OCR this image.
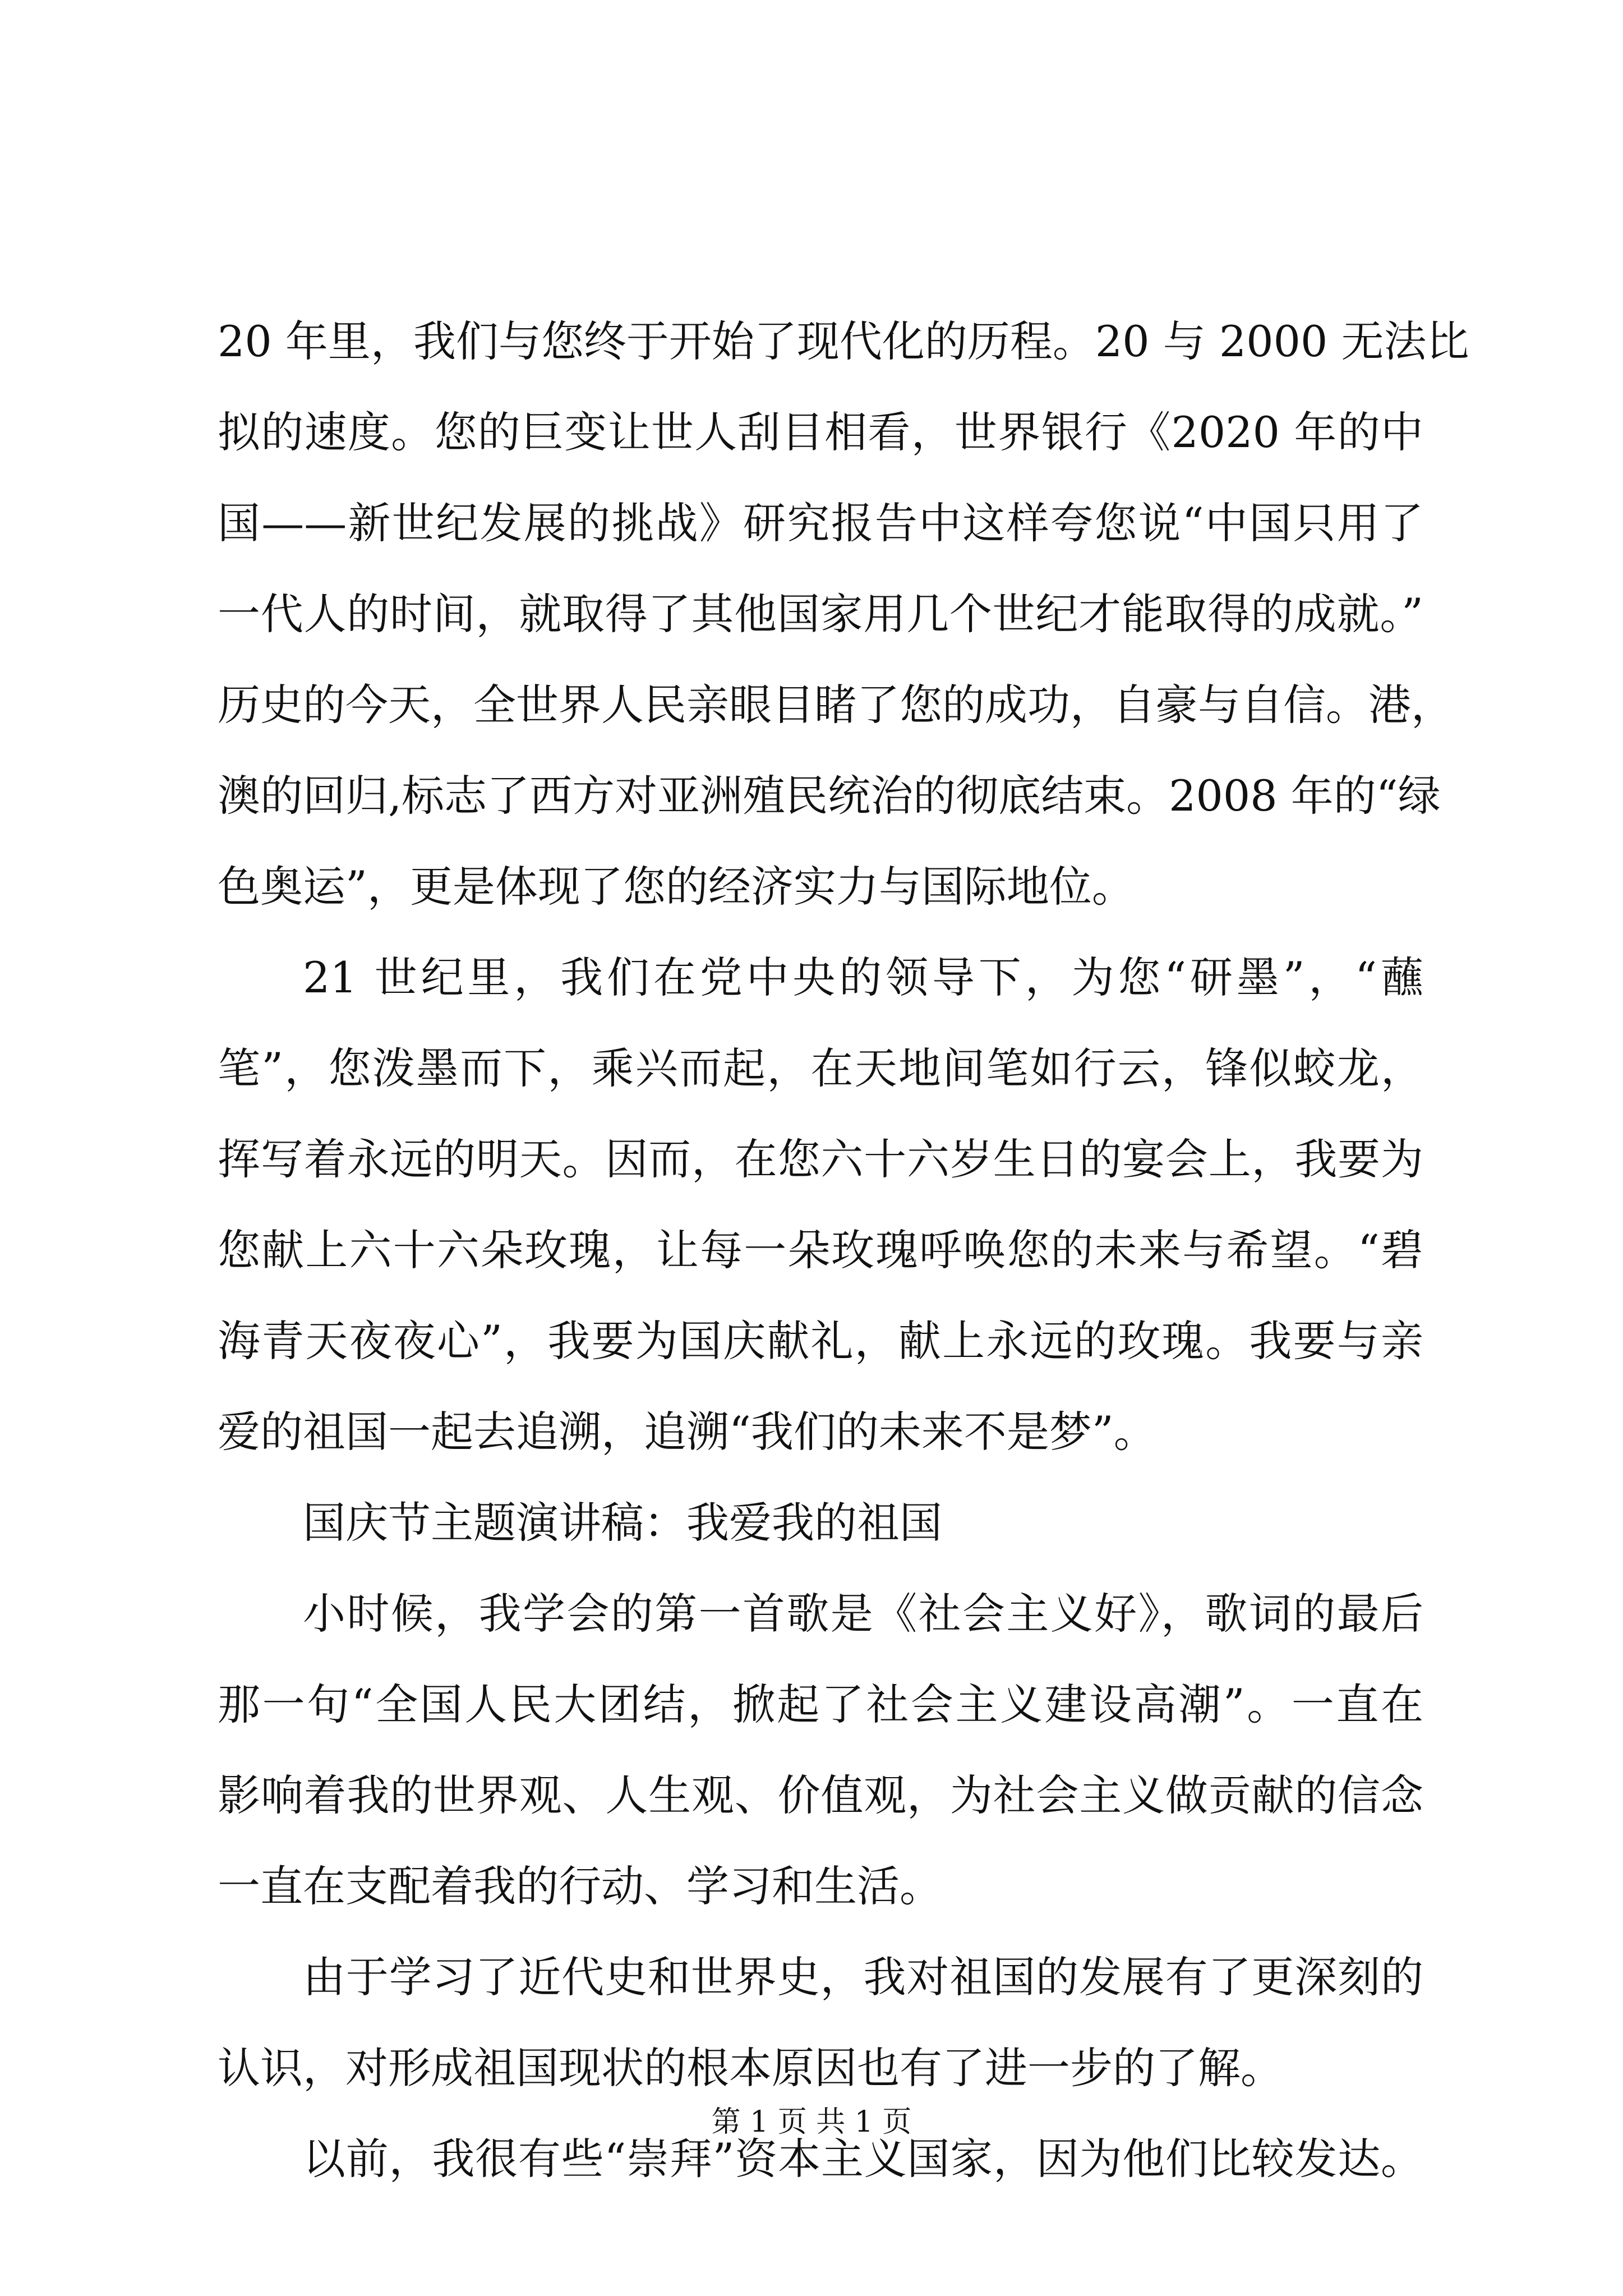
20 年里，我们与您终于开始了现代化的历程。20 与 2000 无法比
拟的速度。您的巨变让世人刮目相看，世界银行《2020 年的中
国——新世纪发展的挑战》研究报告中这样夸您说“中国只用了
一代人的时间，就取得了其他国家用几个世纪才能取得的成就。”
历史的今天，全世界人民亲眼目睹了您的成功，自豪与自信。港，
澳的回归,标志了西方对亚洲殖民统治的彻底结束。2008 年的“绿
色奥运”，更是体现了您的经济实力与国际地位。
21 世纪里，我们在党中央的领导下，为您“研墨”，“蘸
笔”，您泼墨而下，乘兴而起，在天地间笔如行云，锋似蛟龙，
挥写着永远的明天。因而，在您六十六岁生日的宴会上，我要为
您献上六十六朵玫瑰，让每一朵玫瑰呼唤您的未来与希望。“碧
海青天夜夜心”，我要为国庆献礼，献上永远的玫瑰。我要与亲
爱的祖国一起去追溯，追溯“我们的未来不是梦”。
国庆节主题演讲稿：我爱我的祖国
小时候，我学会的第一首歌是《社会主义好》，歌词的最后
那一句“全国人民大团结，掀起了社会主义建设高潮”。一直在
影响着我的世界观、人生观、价值观，为社会主义做贡献的信念
一直在支配着我的行动、学习和生活。
由于学习了近代史和世界史，我对祖国的发展有了更深刻的
认识，对形成祖国现状的根本原因也有了进一步的了解。
以前，我很有些“崇拜”资本主义国家，因为他们比较发达。
第 1 页 共 1 页
